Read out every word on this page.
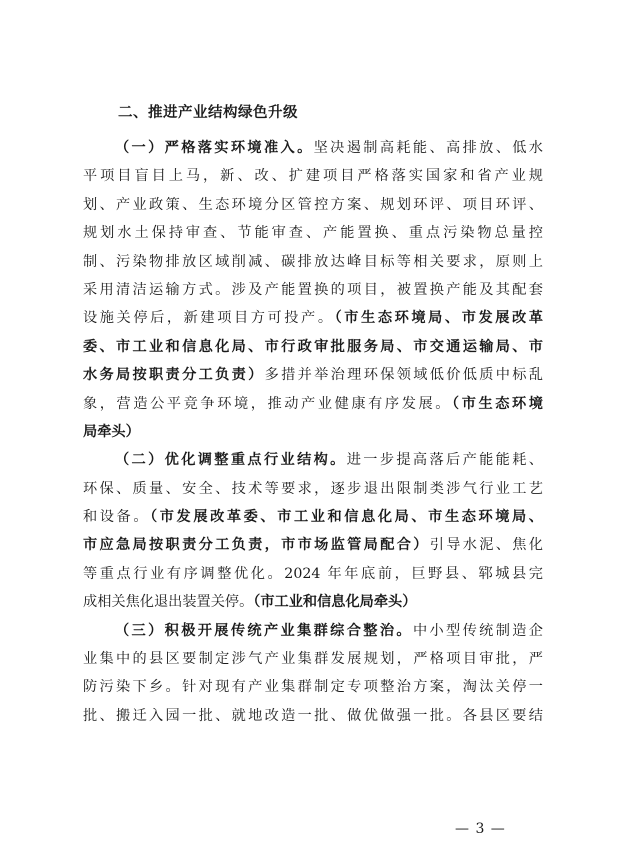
二、推进产业结构绿色升级
（一）严格落实环境准入。坚决遏制高耗能、高排放、低水
平项目盲目上马，新、改、扩建项目严格落实国家和省产业规
划、产业政策、生态环境分区管控方案、规划环评、项目环评、
规划水土保持审查、节能审查、产能置换、重点污染物总量控
制、污染物排放区域削减、碳排放达峰目标等相关要求，原则上
采用清洁运输方式。涉及产能置换的项目，被置换产能及其配套
设施关停后，新建项目方可投产。（市生态环境局、市发展改革
委、市工业和信息化局、市行政审批服务局、市交通运输局、市
水务局按职责分工负责）多措并举治理环保领域低价低质中标乱
象，营造公平竞争环境，推动产业健康有序发展。（市生态环境
局牵头）
（二）优化调整重点行业结构。进一步提高落后产能能耗、
环保、质量、安全、技术等要求，逐步退出限制类涉气行业工艺
和设备。（市发展改革委、市工业和信息化局、市生态环境局、
市应急局按职责分工负责，市市场监管局配合）引导水泥、焦化
等重点行业有序调整优化。2024 年年底前，巨野县、郓城县完
成相关焦化退出装置关停。（市工业和信息化局牵头）
（三）积极开展传统产业集群综合整治。中小型传统制造企
业集中的县区要制定涉气产业集群发展规划，严格项目审批，严
防污染下乡。针对现有产业集群制定专项整治方案，淘汰关停一
批、搬迁入园一批、就地改造一批、做优做强一批。各县区要结
— 3 —
